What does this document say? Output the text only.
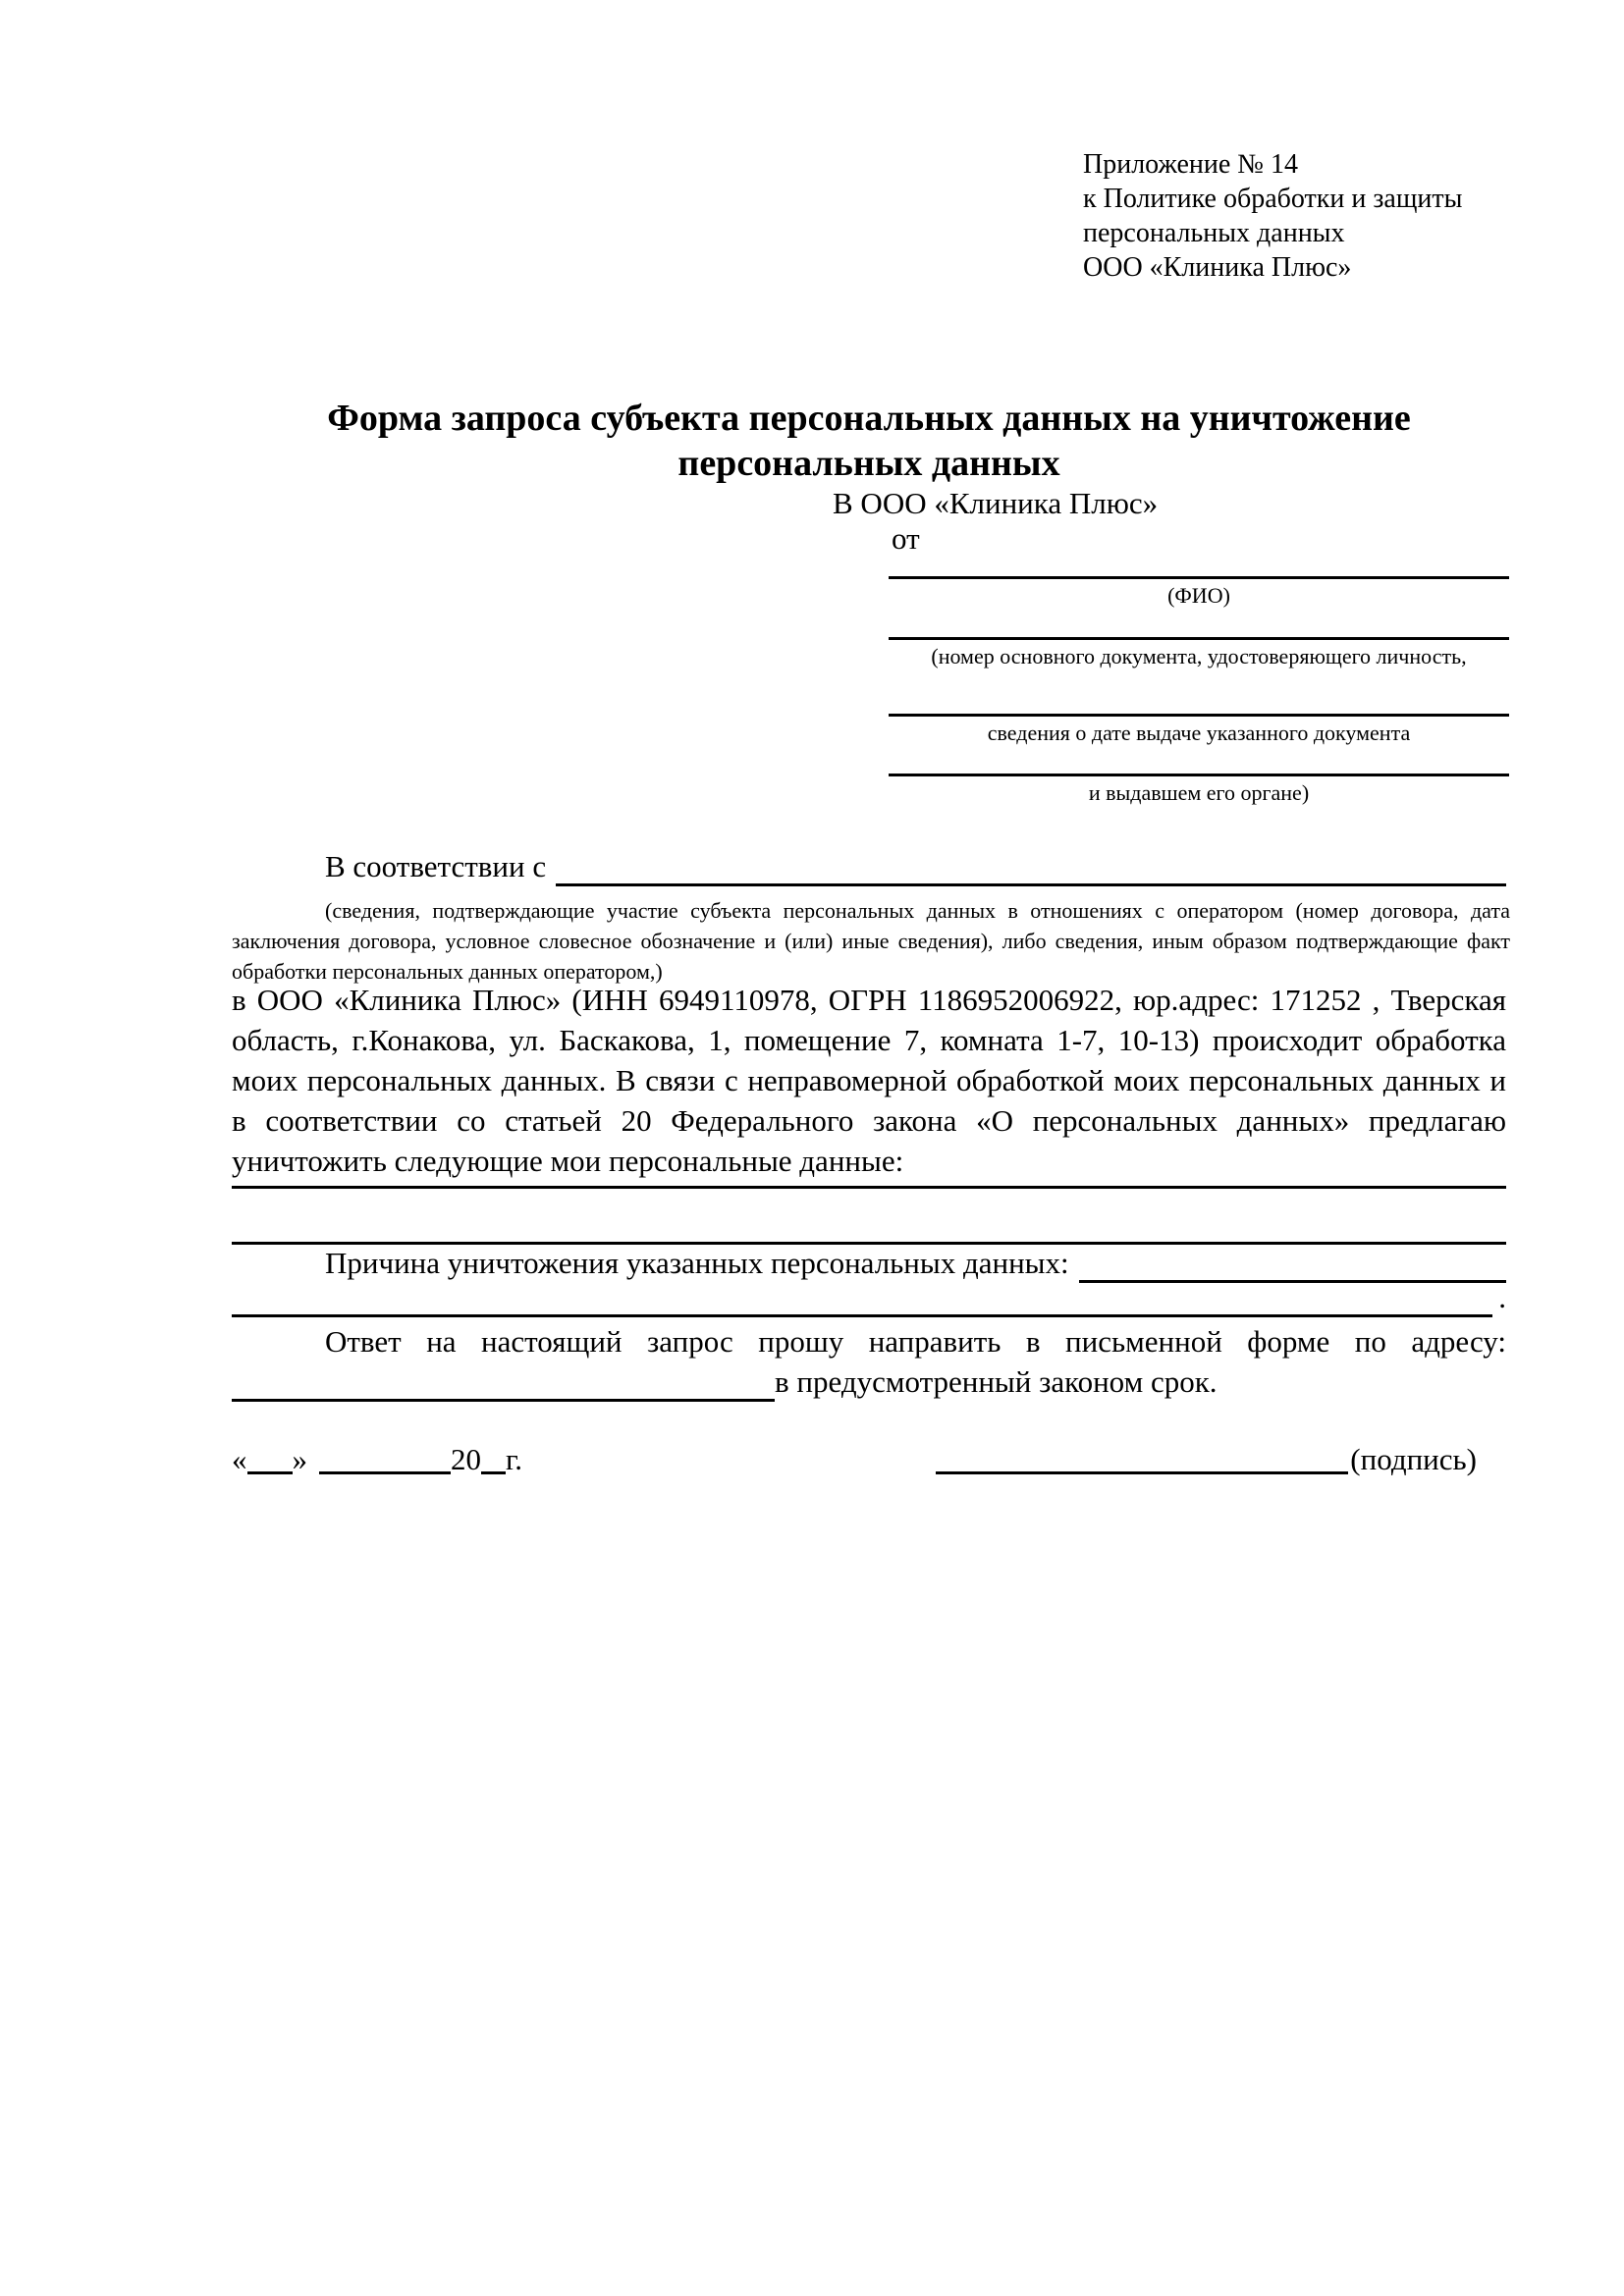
Приложение № 14
к Политике обработки и защиты
персональных данных
ООО «Клиника Плюс»
Форма запроса субъекта персональных данных на уничтожение
персональных данных
В ООО «Клиника Плюс»
от
(ФИО)
(номер основного документа, удостоверяющего личность,
сведения о дате выдаче указанного документа
и выдавшем его органе)
В соответствии с
(сведения, подтверждающие участие субъекта персональных данных в отношениях с оператором (номер договора, дата заключения договора, условное словесное обозначение и (или) иные сведения), либо сведения, иным образом подтверждающие факт обработки персональных данных оператором,)
в ООО «Клиника Плюс» (ИНН 6949110978, ОГРН 1186952006922, юр.адрес: 171252 , Тверская область, г.Конакова, ул. Баскакова, 1, помещение 7, комната 1-7, 10-13) происходит обработка моих персональных данных. В связи с неправомерной обработкой моих персональных данных и в соответствии со статьей 20 Федерального закона «О персональных данных» предлагаю уничтожить следующие мои персональные данные:
Причина уничтожения указанных персональных данных:
.
Ответ на настоящий запрос прошу направить в письменной форме по адресу:
в предусмотренный законом срок.
« »	20 г.	(подпись)
